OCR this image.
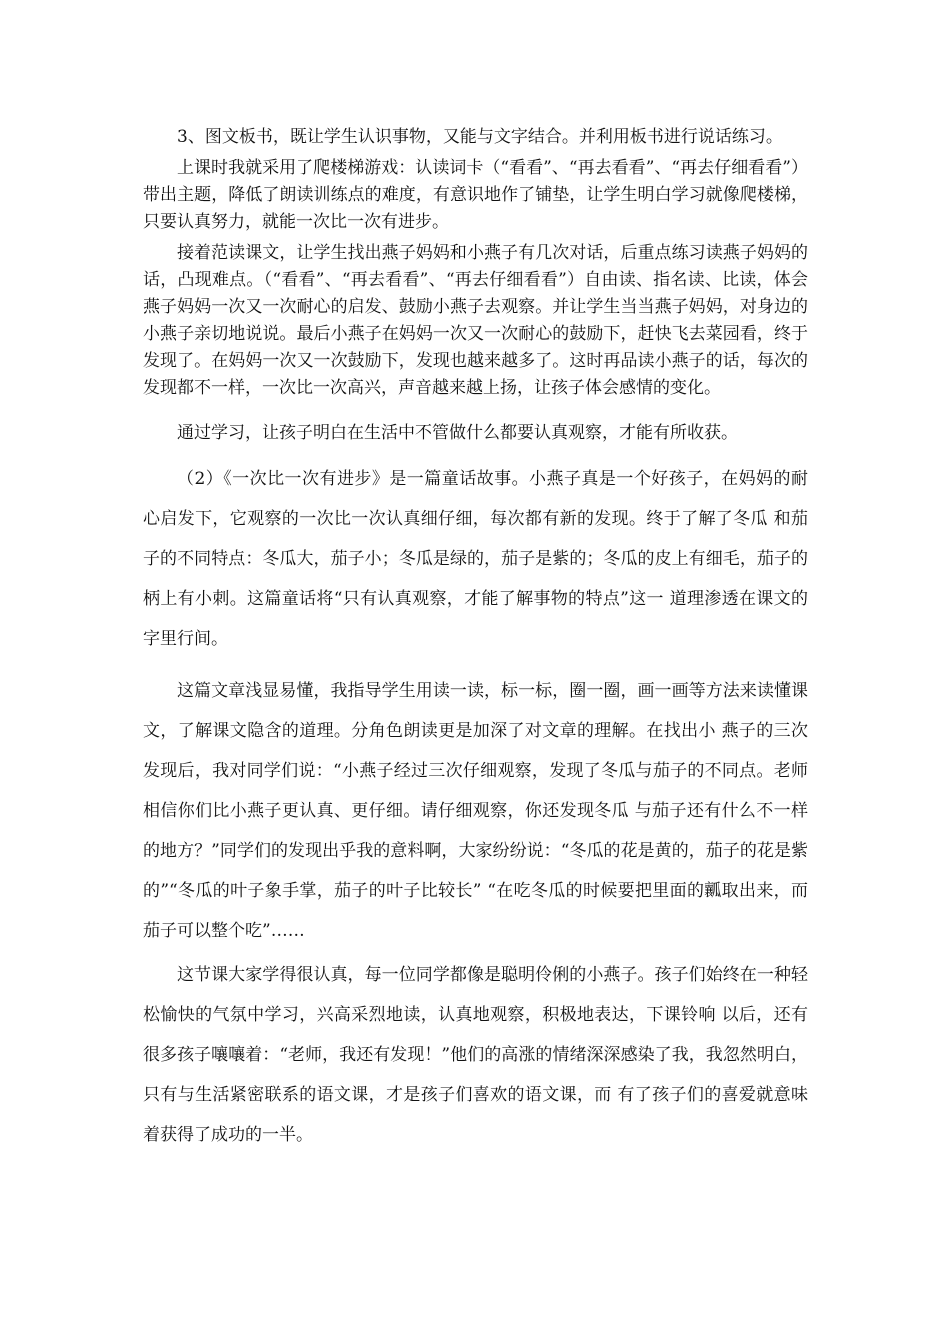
3、图文板书，既让学生认识事物，又能与文字结合。并利用板书进行说话练习。

上课时我就采用了爬楼梯游戏：认读词卡（“看看”、“再去看看”、“再去仔细看看”）带出主题，降低了朗读训练点的难度，有意识地作了铺垫，让学生明白学习就像爬楼梯，只要认真努力，就能一次比一次有进步。

接着范读课文，让学生找出燕子妈妈和小燕子有几次对话，后重点练习读燕子妈妈的话，凸现难点。（“看看”、“再去看看”、“再去仔细看看”）自由读、指名读、比读，体会燕子妈妈一次又一次耐心的启发、鼓励小燕子去观察。并让学生当当燕子妈妈，对身边的小燕子亲切地说说。最后小燕子在妈妈一次又一次耐心的鼓励下，赶快飞去菜园看，终于发现了。在妈妈一次又一次鼓励下，发现也越来越多了。这时再品读小燕子的话，每次的发现都不一样，一次比一次高兴，声音越来越上扬，让孩子体会感情的变化。

通过学习，让孩子明白在生活中不管做什么都要认真观察，才能有所收获。

（2）《一次比一次有进步》是一篇童话故事。小燕子真是一个好孩子，在妈妈的耐心启发下，它观察的一次比一次认真细仔细，每次都有新的发现。终于了解了冬瓜 和茄子的不同特点：冬瓜大，茄子小；冬瓜是绿的，茄子是紫的；冬瓜的皮上有细毛，茄子的柄上有小刺。这篇童话将“只有认真观察，才能了解事物的特点”这一 道理渗透在课文的字里行间。

这篇文章浅显易懂，我指导学生用读一读，标一标，圈一圈，画一画等方法来读懂课文，了解课文隐含的道理。分角色朗读更是加深了对文章的理解。在找出小 燕子的三次发现后，我对同学们说：“小燕子经过三次仔细观察，发现了冬瓜与茄子的不同点。老师相信你们比小燕子更认真、更仔细。请仔细观察，你还发现冬瓜 与茄子还有什么不一样的地方？”同学们的发现出乎我的意料啊，大家纷纷说：“冬瓜的花是黄的，茄子的花是紫的”“冬瓜的叶子象手掌，茄子的叶子比较长” “在吃冬瓜的时候要把里面的瓤取出来，而茄子可以整个吃”……

这节课大家学得很认真，每一位同学都像是聪明伶俐的小燕子。孩子们始终在一种轻松愉快的气氛中学习，兴高采烈地读，认真地观察，积极地表达，下课铃响 以后，还有很多孩子嚷嚷着：“老师，我还有发现！”他们的高涨的情绪深深感染了我，我忽然明白，只有与生活紧密联系的语文课，才是孩子们喜欢的语文课，而 有了孩子们的喜爱就意味着获得了成功的一半。
